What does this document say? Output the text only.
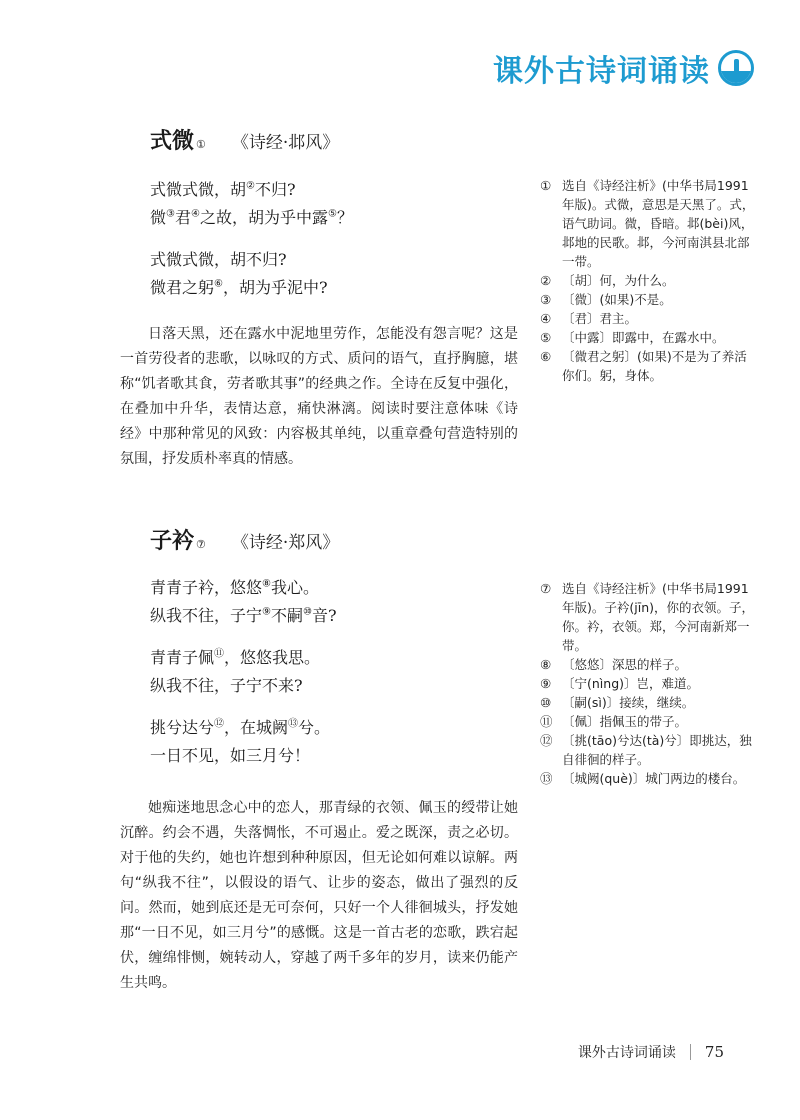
课外古诗词诵读
式微 ① 《诗经·邶风》
式微式微，胡②不归?
微③君④之故，胡为乎中露⑤？
式微式微，胡不归?
微君之躬⑥，胡为乎泥中?
日落天黑，还在露水中泥地里劳作，怎能没有怨言呢？这是一首劳役者的悲歌，以咏叹的方式、质问的语气，直抒胸臆，堪称“饥者歌其食，劳者歌其事”的经典之作。全诗在反复中强化，在叠加中升华，表情达意，痛快淋漓。阅读时要注意体味《诗经》中那种常见的风致：内容极其单纯，以重章叠句营造特别的氛围，抒发质朴率真的情感。
① 选自《诗经注析》(中华书局1991年版)。式微，意思是天黑了。式，语气助词。微，昏暗。邶(bèi)风，邶地的民歌。邶，今河南淇县北部一带。
② 〔胡〕何，为什么。
③ 〔微〕(如果)不是。
④ 〔君〕君主。
⑤ 〔中露〕即露中，在露水中。
⑥ 〔微君之躬〕(如果)不是为了养活你们。躬，身体。
子衿 ⑦ 《诗经·郑风》
青青子衿，悠悠⑧我心。
纵我不往，子宁⑨不嗣⑩音?
青青子佩⑪，悠悠我思。
纵我不往，子宁不来?
挑兮达兮⑫，在城阙⑬兮。
一日不见，如三月兮！
她痴迷地思念心中的恋人，那青绿的衣领、佩玉的绶带让她沉醉。约会不遇，失落惆怅，不可遏止。爱之既深，责之必切。对于他的失约，她也许想到种种原因，但无论如何难以谅解。两句“纵我不往”，以假设的语气、让步的姿态，做出了强烈的反问。然而，她到底还是无可奈何，只好一个人徘徊城头，抒发她那“一日不见，如三月兮”的感慨。这是一首古老的恋歌，跌宕起伏，缠绵悱恻，婉转动人，穿越了两千多年的岁月，读来仍能产生共鸣。
⑦ 选自《诗经注析》(中华书局1991年版)。子衿(jīn)，你的衣领。子，你。衿，衣领。郑，今河南新郑一带。
⑧ 〔悠悠〕深思的样子。
⑨ 〔宁(nìng)〕岂，难道。
⑩ 〔嗣(sì)〕接续，继续。
⑪ 〔佩〕指佩玉的带子。
⑫ 〔挑(tāo)兮达(tà)兮〕即挑达，独自徘徊的样子。
⑬ 〔城阙(què)〕城门两边的楼台。
课外古诗词诵读 75
